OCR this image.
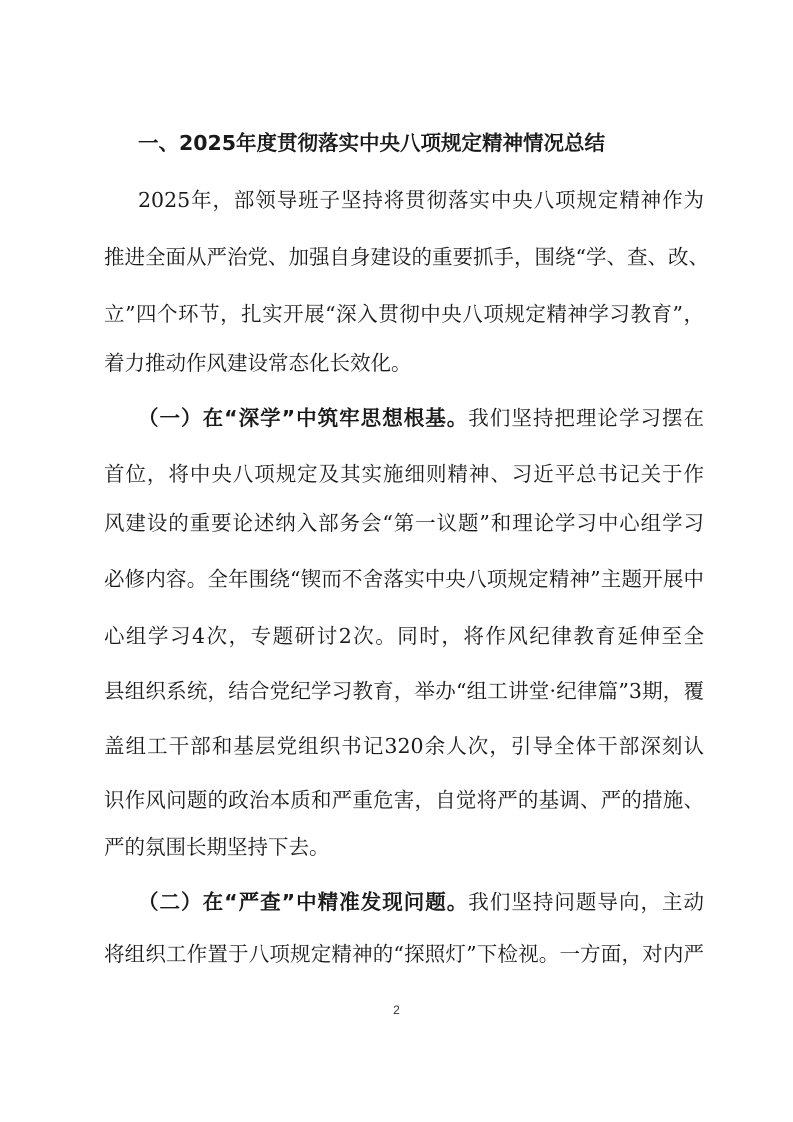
一、2025年度贯彻落实中央八项规定精神情况总结
2025年，部领导班子坚持将贯彻落实中央八项规定精神作为
推进全面从严治党、加强自身建设的重要抓手，围绕“学、查、改、
立”四个环节，扎实开展“深入贯彻中央八项规定精神学习教育”，
着力推动作风建设常态化长效化。
（一）在“深学”中筑牢思想根基。我们坚持把理论学习摆在
首位，将中央八项规定及其实施细则精神、习近平总书记关于作
风建设的重要论述纳入部务会“第一议题”和理论学习中心组学习
必修内容。全年围绕“锲而不舍落实中央八项规定精神”主题开展中
心组学习4次，专题研讨2次。同时，将作风纪律教育延伸至全
县组织系统，结合党纪学习教育，举办“组工讲堂·纪律篇”3期，覆
盖组工干部和基层党组织书记320余人次，引导全体干部深刻认
识作风问题的政治本质和严重危害，自觉将严的基调、严的措施、
严的氛围长期坚持下去。
（二）在“严查”中精准发现问题。我们坚持问题导向，主动
将组织工作置于八项规定精神的“探照灯”下检视。一方面，对内严
2
